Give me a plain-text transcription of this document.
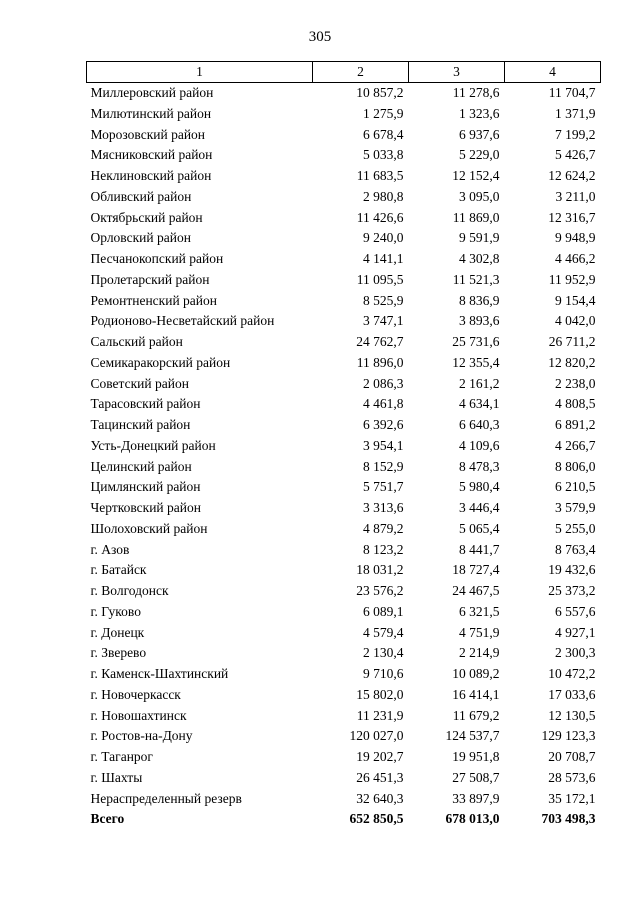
305
1	2	3	4
Миллеровский район	10 857,2	11 278,6	11 704,7
Милютинский район	1 275,9	1 323,6	1 371,9
Морозовский район	6 678,4	6 937,6	7 199,2
Мясниковский район	5 033,8	5 229,0	5 426,7
Неклиновский район	11 683,5	12 152,4	12 624,2
Обливский район	2 980,8	3 095,0	3 211,0
Октябрьский район	11 426,6	11 869,0	12 316,7
Орловский район	9 240,0	9 591,9	9 948,9
Песчанокопский район	4 141,1	4 302,8	4 466,2
Пролетарский район	11 095,5	11 521,3	11 952,9
Ремонтненский район	8 525,9	8 836,9	9 154,4
Родионово-Несветайский район	3 747,1	3 893,6	4 042,0
Сальский район	24 762,7	25 731,6	26 711,2
Семикаракорский район	11 896,0	12 355,4	12 820,2
Советский район	2 086,3	2 161,2	2 238,0
Тарасовский район	4 461,8	4 634,1	4 808,5
Тацинский район	6 392,6	6 640,3	6 891,2
Усть-Донецкий район	3 954,1	4 109,6	4 266,7
Целинский район	8 152,9	8 478,3	8 806,0
Цимлянский район	5 751,7	5 980,4	6 210,5
Чертковский район	3 313,6	3 446,4	3 579,9
Шолоховский район	4 879,2	5 065,4	5 255,0
г. Азов	8 123,2	8 441,7	8 763,4
г. Батайск	18 031,2	18 727,4	19 432,6
г. Волгодонск	23 576,2	24 467,5	25 373,2
г. Гуково	6 089,1	6 321,5	6 557,6
г. Донецк	4 579,4	4 751,9	4 927,1
г. Зверево	2 130,4	2 214,9	2 300,3
г. Каменск-Шахтинский	9 710,6	10 089,2	10 472,2
г. Новочеркасск	15 802,0	16 414,1	17 033,6
г. Новошахтинск	11 231,9	11 679,2	12 130,5
г. Ростов-на-Дону	120 027,0	124 537,7	129 123,3
г. Таганрог	19 202,7	19 951,8	20 708,7
г. Шахты	26 451,3	27 508,7	28 573,6
Нераспределенный резерв	32 640,3	33 897,9	35 172,1
Всего	652 850,5	678 013,0	703 498,3
